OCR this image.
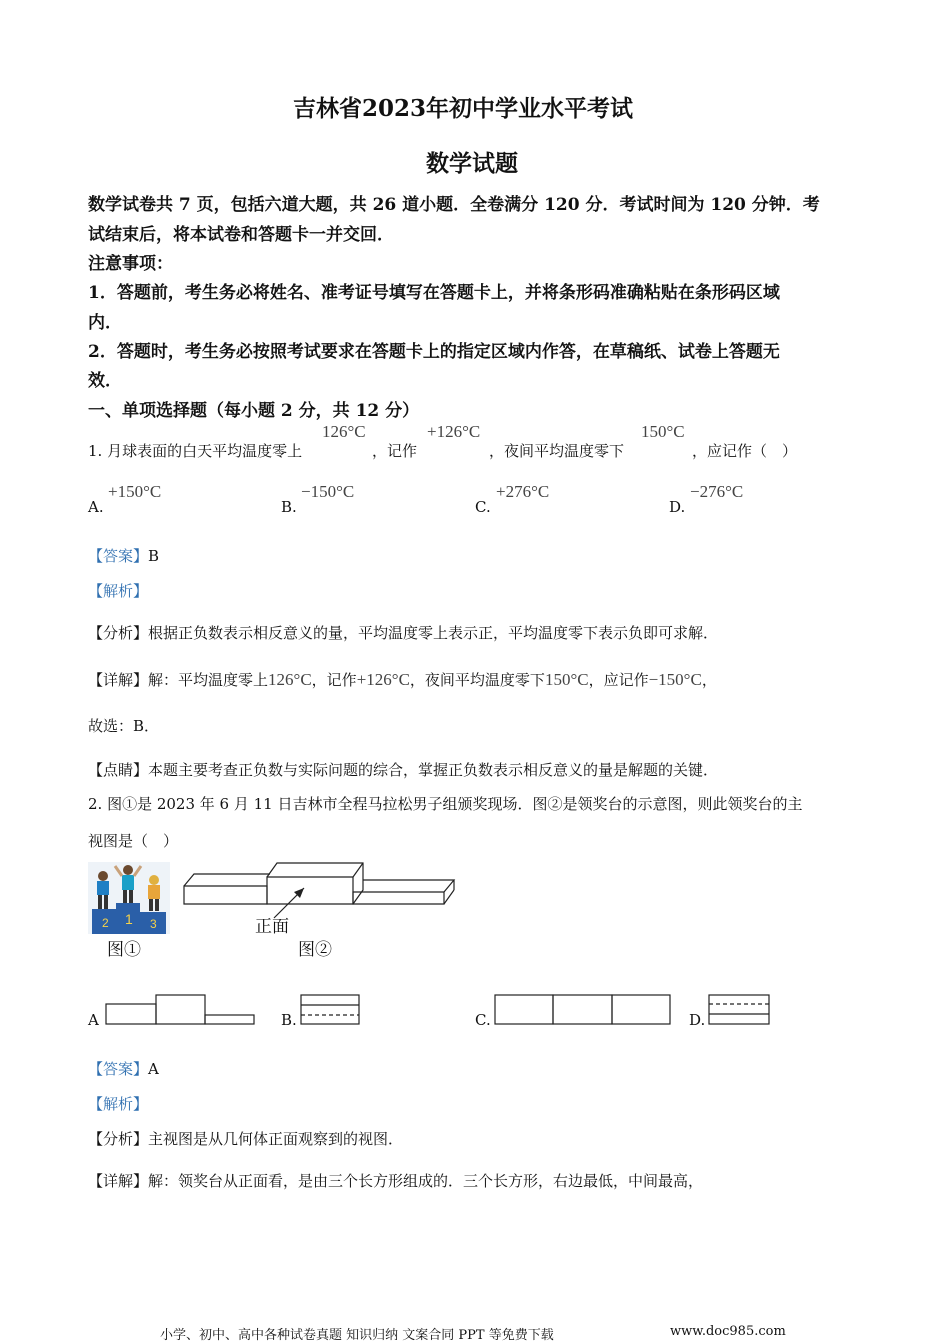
吉林省2023年初中学业水平考试
数学试题
数学试卷共 7 页，包括六道大题，共 26 道小题．全卷满分 120 分．考试时间为 120 分钟．考
试结束后，将本试卷和答题卡一并交回．
注意事项：
1．答题前，考生务必将姓名、准考证号填写在答题卡上，并将条形码准确粘贴在条形码区域
内．
2．答题时，考生务必按照考试要求在答题卡上的指定区域内作答，在草稿纸、试卷上答题无
效．
一、单项选择题（每小题 2 分，共 12 分）
1. 月球表面的白天平均温度零上
126°C
，记作
+126°C
，夜间平均温度零下
150°C
，应记作（　）
A.
+150°C
B.
−150°C
C.
+276°C
D.
−276°C
【答案】B
【解析】
【分析】根据正负数表示相反意义的量，平均温度零上表示正，平均温度零下表示负即可求解．
【详解】解：平均温度零上126°C，记作+126°C，夜间平均温度零下150°C，应记作−150°C，
故选：B．
【点睛】本题主要考查正负数与实际问题的综合，掌握正负数表示相反意义的量是解题的关键．
2. 图①是 2023 年 6 月 11 日吉林市全程马拉松男子组颁奖现场．图②是领奖台的示意图，则此领奖台的主
视图是（　）
2 1 3
图①
正面
图②
A	B.	C.	D.
【答案】A
【解析】
【分析】主视图是从几何体正面观察到的视图．
【详解】解：领奖台从正面看，是由三个长方形组成的．三个长方形，右边最低，中间最高，
小学、初中、高中各种试卷真题 知识归纳 文案合同 PPT 等免费下载	www.doc985.com
